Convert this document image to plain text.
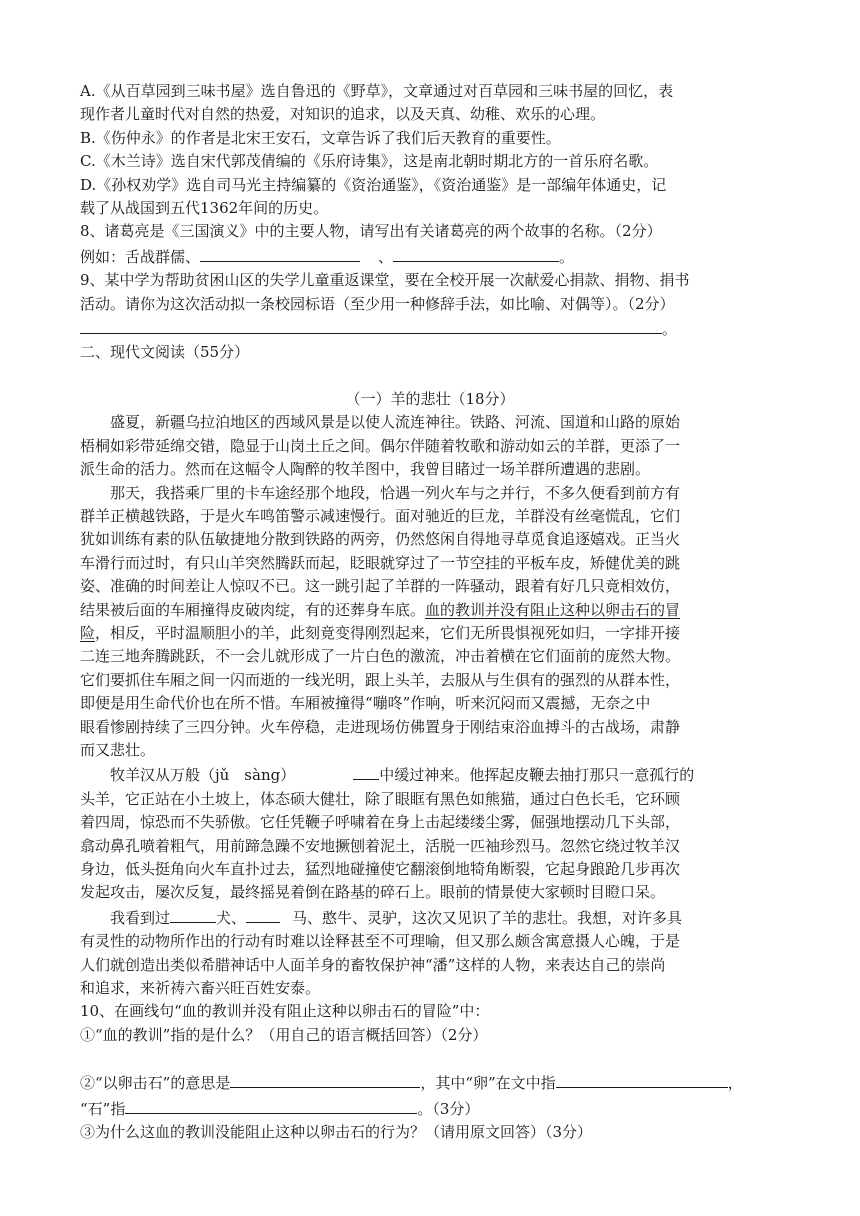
A.《从百草园到三味书屋》选自鲁迅的《野草》，文章通过对百草园和三味书屋的回忆，表
现作者儿童时代对自然的热爱，对知识的追求，以及天真、幼稚、欢乐的心理。
B.《伤仲永》的作者是北宋王安石，文章告诉了我们后天教育的重要性。
C.《木兰诗》选自宋代郭茂倩编的《乐府诗集》，这是南北朝时期北方的一首乐府名歌。
D.《孙权劝学》选自司马光主持编纂的《资治通鉴》，《资治通鉴》是一部编年体通史，记
载了从战国到五代1362年间的历史。
8、诸葛亮是《三国演义》中的主要人物，请写出有关诸葛亮的两个故事的名称。（2分）
例如：舌战群儒、	、	。
9、某中学为帮助贫困山区的失学儿童重返课堂，要在全校开展一次献爱心捐款、捐物、捐书
活动。请你为这次活动拟一条校园标语（至少用一种修辞手法，如比喻、对偶等）。（2分）
。
二、现代文阅读（55分）
（一）羊的悲壮（18分）
盛夏，新疆乌拉泊地区的西域风景是以使人流连神往。铁路、河流、国道和山路的原始
梧桐如彩带延绵交错，隐显于山岗土丘之间。偶尔伴随着牧歌和游动如云的羊群，更添了一
派生命的活力。然而在这幅令人陶醉的牧羊图中，我曾目睹过一场羊群所遭遇的悲剧。
那天，我搭乘厂里的卡车途经那个地段，恰遇一列火车与之并行，不多久便看到前方有
群羊正横越铁路，于是火车鸣笛警示减速慢行。面对驰近的巨龙，羊群没有丝毫慌乱，它们
犹如训练有素的队伍敏捷地分散到铁路的两旁，仍然悠闲自得地寻草觅食追逐嬉戏。正当火
车滑行而过时，有只山羊突然腾跃而起，眨眼就穿过了一节空挂的平板车皮，矫健优美的跳
姿、准确的时间差让人惊叹不已。这一跳引起了羊群的一阵骚动，跟着有好几只竟相效仿，
结果被后面的车厢撞得皮破肉绽，有的还葬身车底。血的教训并没有阻止这种以卵击石的冒
险，相反，平时温顺胆小的羊，此刻竟变得刚烈起来，它们无所畏惧视死如归，一字排开接
二连三地奔腾跳跃，不一会儿就形成了一片白色的激流，冲击着横在它们面前的庞然大物。
它们要抓住车厢之间一闪而逝的一线光明，跟上头羊，去服从与生俱有的强烈的从群本性，
即便是用生命代价也在所不惜。车厢被撞得“嘣咚”作响，听来沉闷而又震撼，无奈之中
眼看惨剧持续了三四分钟。火车停稳，走进现场仿佛置身于刚结束浴血搏斗的古战场，肃静
而又悲壮。
牧羊汉从万般（jǔ　sàng）	中缓过神来。他挥起皮鞭去抽打那只一意孤行的
头羊，它正站在小土坡上，体态硕大健壮，除了眼眶有黑色如熊猫，通过白色长毛，它环顾
着四周，惊恐而不失骄傲。它任凭鞭子呼啸着在身上击起缕缕尘雾，倔强地摆动几下头部，
翕动鼻孔喷着粗气，用前蹄急躁不安地撅刨着泥土，活脱一匹袖珍烈马。忽然它绕过牧羊汉
身边，低头挺角向火车直扑过去，猛烈地碰撞使它翻滚倒地犄角断裂，它起身踉跄几步再次
发起攻击，屡次反复，最终摇晃着倒在路基的碎石上。眼前的情景使大家顿时目瞪口呆。
我看到过	犬、	马、憨牛、灵驴，这次又见识了羊的悲壮。我想，对许多具
有灵性的动物所作出的行动有时难以诠释甚至不可理喻，但又那么颇含寓意摄人心魄，于是
人们就创造出类似希腊神话中人面羊身的畜牧保护神“潘”这样的人物，来表达自己的崇尚
和追求，来祈祷六畜兴旺百姓安泰。
10、在画线句“血的教训并没有阻止这种以卵击石的冒险”中：
①“血的教训”指的是什么？（用自己的语言概括回答）（2分）
②“以卵击石”的意思是	，其中“卵”在文中指	，
“石”指	。（3分）
③为什么这血的教训没能阻止这种以卵击石的行为？（请用原文回答）（3分）
